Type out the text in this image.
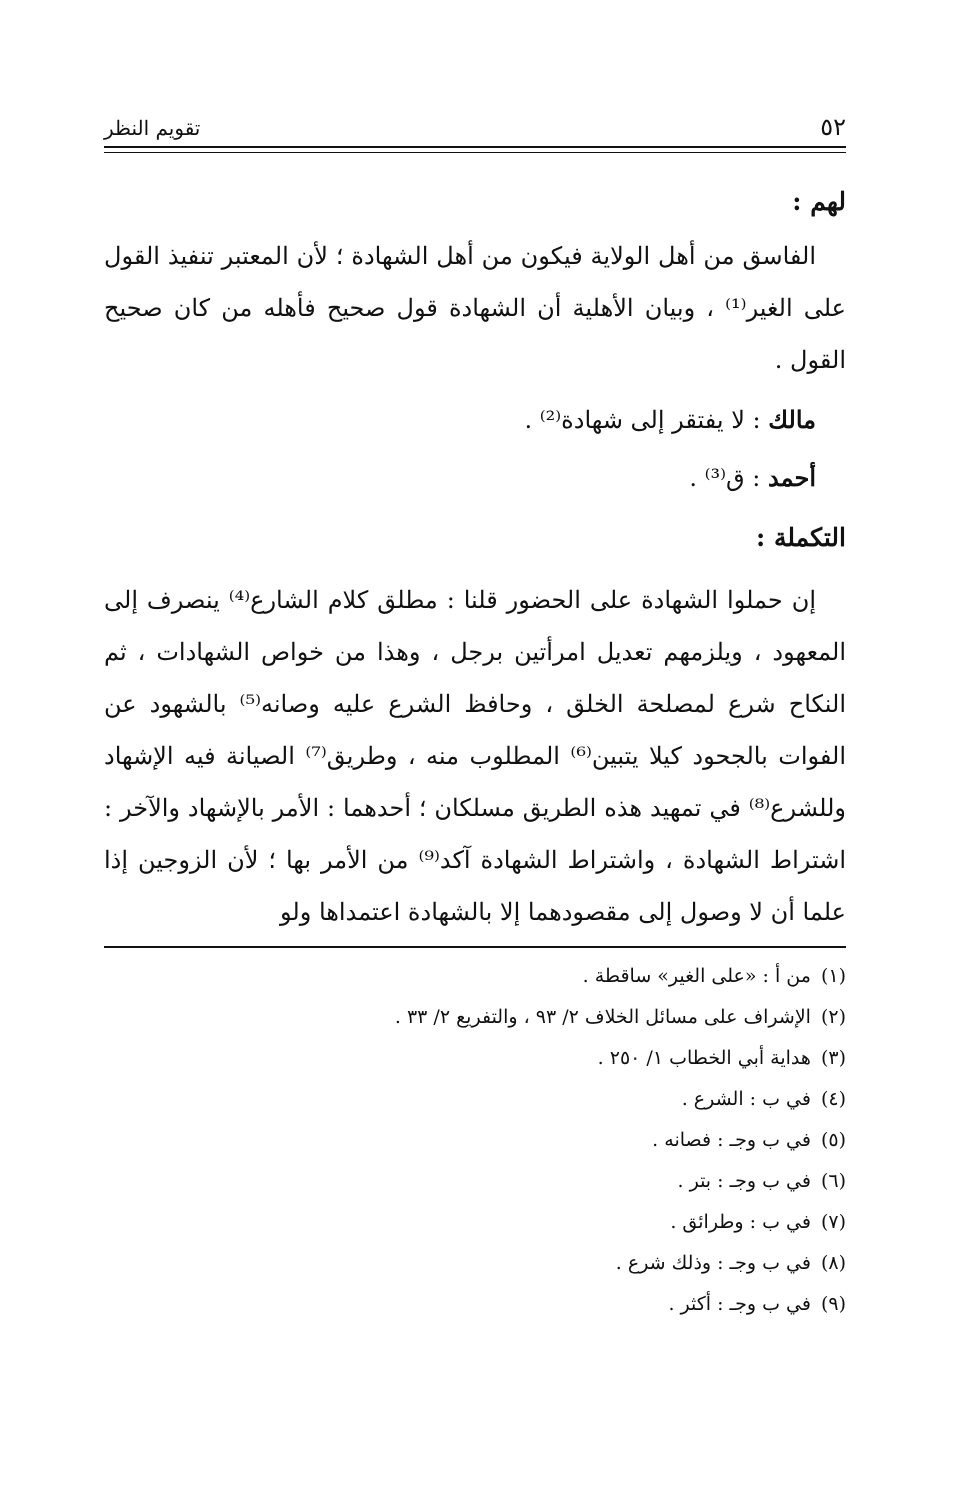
٥٢
تقويم النظر
لهم :
الفاسق من أهل الولاية فيكون من أهل الشهادة ؛ لأن المعتبر تنفيذ القول على الغير⁽¹⁾ ، وبيان الأهلية أن الشهادة قول صحيح فأهله من كان صحيح القول .
مالك : لا يفتقر إلى شهادة⁽²⁾ .
أحمد : ق⁽³⁾ .
التكملة :
إن حملوا الشهادة على الحضور قلنا : مطلق كلام الشارع⁽⁴⁾ ينصرف إلى المعهود ، ويلزمهم تعديل امرأتين برجل ، وهذا من خواص الشهادات ، ثم النكاح شرع لمصلحة الخلق ، وحافظ الشرع عليه وصانه⁽⁵⁾ بالشهود عن الفوات بالجحود كيلا يتبين⁽⁶⁾ المطلوب منه ، وطريق⁽⁷⁾ الصيانة فيه الإشهاد وللشرع⁽⁸⁾ في تمهيد هذه الطريق مسلكان ؛ أحدهما : الأمر بالإشهاد والآخر : اشتراط الشهادة ، واشتراط الشهادة آكد⁽⁹⁾ من الأمر بها ؛ لأن الزوجين إذا علما أن لا وصول إلى مقصودهما إلا بالشهادة اعتمداها ولو
(١)من أ : «على الغير» ساقطة .
(٢)الإشراف على مسائل الخلاف ٢/ ٩٣ ، والتفريع ٢/ ٣٣ .
(٣)هداية أبي الخطاب ١/ ٢٥٠ .
(٤)في ب : الشرع .
(٥)في ب وجـ : فصانه .
(٦)في ب وجـ : بتر .
(٧)في ب : وطرائق .
(٨)في ب وجـ : وذلك شرع .
(٩)في ب وجـ : أكثر .
